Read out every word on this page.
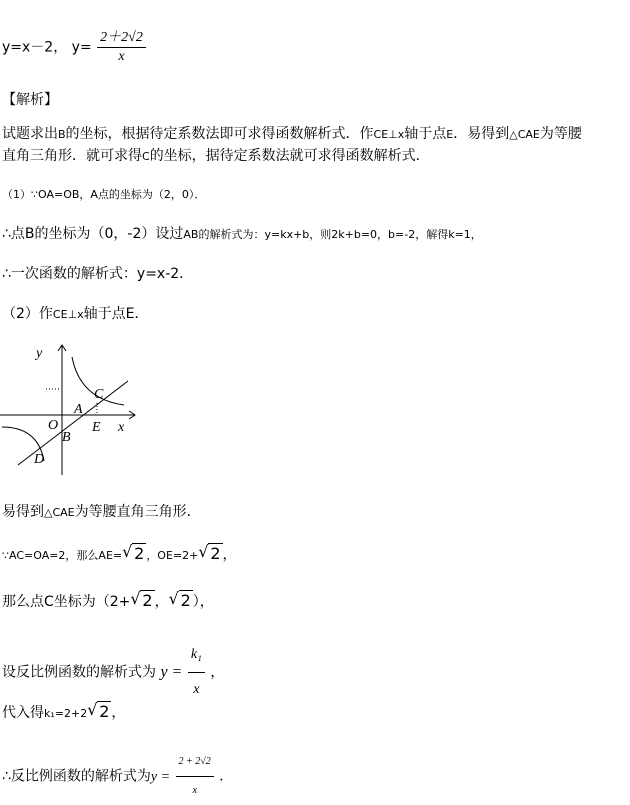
y=x－2， $y= \frac{2+2√2}{x}$
【解析】
试题求出B的坐标，根据待定系数法即可求得函数解析式．作CE⊥x轴于点E．易得到△CAE为等腰
直角三角形．就可求得C的坐标，据待定系数法就可求得函数解析式．
（1）∵OA=OB，A点的坐标为（2，0）．
∴点B的坐标为（0，-2）设过AB的解析式为：y=kx+b，则2k+b=0，b=-2，解得k=1，
∴一次函数的解析式：y=x-2．
（2）作CE⊥x轴于点E．
y
x
O
A
B
C
D
E
易得到△CAE为等腰直角三角形．
∵AC=OA=2，那么AE= √ 2 ，OE=2+ √ 2 ，
那么点C坐标为（2+ √ 2 ， √ 2 ），
设反比例函数的解析式为 $y = \frac{\text{k₁}}{x}$ ，
代入得k₁=2+2 √ 2 ，
∴反比例函数的解析式为$y = \frac{2 + 2√2}{x}$ ．
